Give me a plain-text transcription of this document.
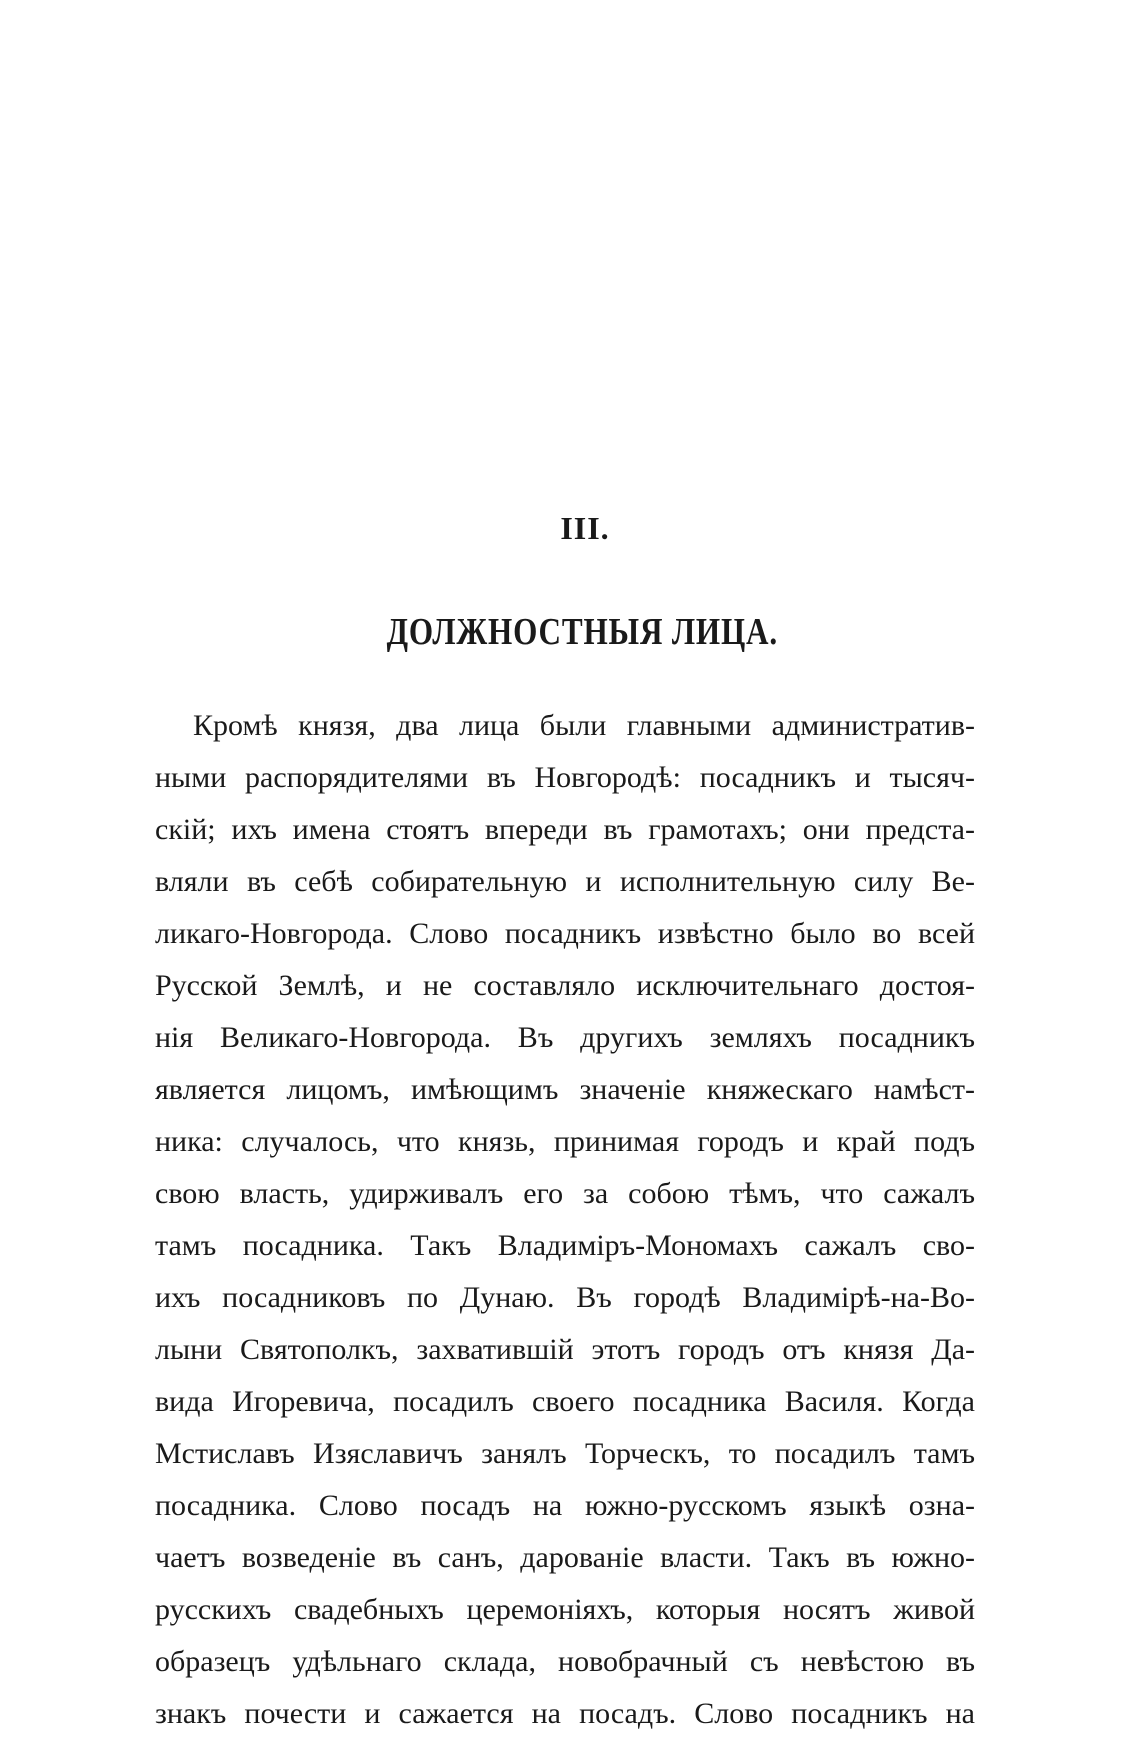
III.
ДОЛЖНОСТНЫЯ ЛИЦА.
Кромѣ князя, два лица были главными административ-
ными распорядителями въ Новгородѣ: посадникъ и тысяч-
скій; ихъ имена стоятъ впереди въ грамотахъ; они предста-
вляли въ себѣ собирательную и исполнительную силу Ве-
ликаго-Новгорода. Слово посадникъ извѣстно было во всей
Русской Землѣ, и не составляло исключительнаго достоя-
нія Великаго-Новгорода. Въ другихъ земляхъ посадникъ
является лицомъ, имѣющимъ значеніе княжескаго намѣст-
ника: случалось, что князь, принимая городъ и край подъ
свою власть, удирживалъ его за собою тѣмъ, что сажалъ
тамъ посадника. Такъ Владиміръ-Мономахъ сажалъ сво-
ихъ посадниковъ по Дунаю. Въ городѣ Владимірѣ-на-Во-
лыни Святополкъ, захватившій этотъ городъ отъ князя Да-
вида Игоревича, посадилъ своего посадника Василя. Когда
Мстиславъ Изяславичъ занялъ Торческъ, то посадилъ тамъ
посадника. Слово посадъ на южно-русскомъ языкѣ озна-
чаетъ возведеніе въ санъ, дарованіе власти. Такъ въ южно-
русскихъ свадебныхъ церемоніяхъ, которыя носятъ живой
образецъ удѣльнаго склада, новобрачный съ невѣстою въ
знакъ почести и сажается на посадъ. Слово посадникъ на
